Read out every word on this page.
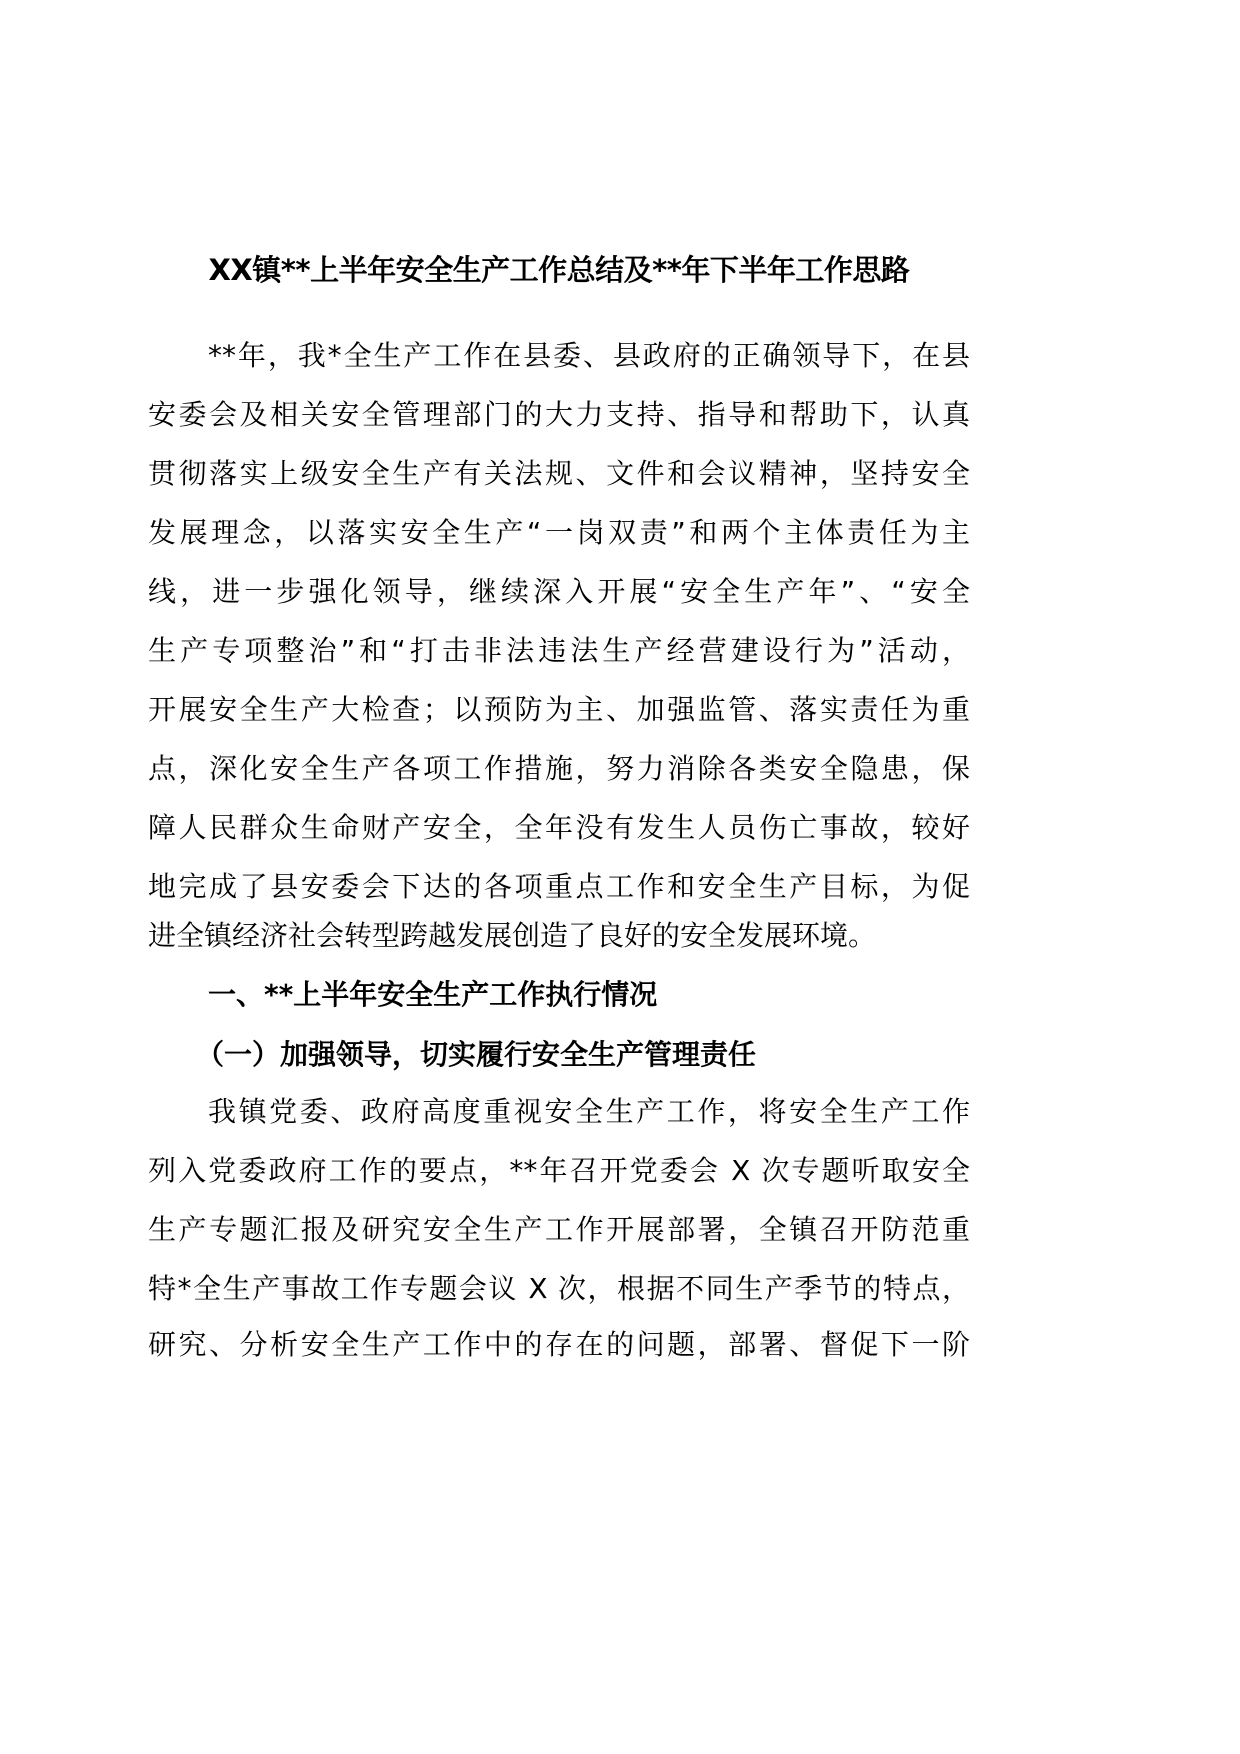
XX镇**上半年安全生产工作总结及**年下半年工作思路
**年，我*全生产工作在县委、县政府的正确领导下，在县
安委会及相关安全管理部门的大力支持、指导和帮助下，认真
贯彻落实上级安全生产有关法规、文件和会议精神，坚持安全
发展理念，以落实安全生产“一岗双责”和两个主体责任为主
线，进一步强化领导，继续深入开展“安全生产年”、“安全
生产专项整治”和“打击非法违法生产经营建设行为”活动，
开展安全生产大检查；以预防为主、加强监管、落实责任为重
点，深化安全生产各项工作措施，努力消除各类安全隐患，保
障人民群众生命财产安全，全年没有发生人员伤亡事故，较好
地完成了县安委会下达的各项重点工作和安全生产目标，为促
进全镇经济社会转型跨越发展创造了良好的安全发展环境。
一、**上半年安全生产工作执行情况
（一）加强领导，切实履行安全生产管理责任
我镇党委、政府高度重视安全生产工作，将安全生产工作
列入党委政府工作的要点，**年召开党委会 X 次专题听取安全
生产专题汇报及研究安全生产工作开展部署，全镇召开防范重
特*全生产事故工作专题会议 X 次，根据不同生产季节的特点，
研究、分析安全生产工作中的存在的问题，部署、督促下一阶
